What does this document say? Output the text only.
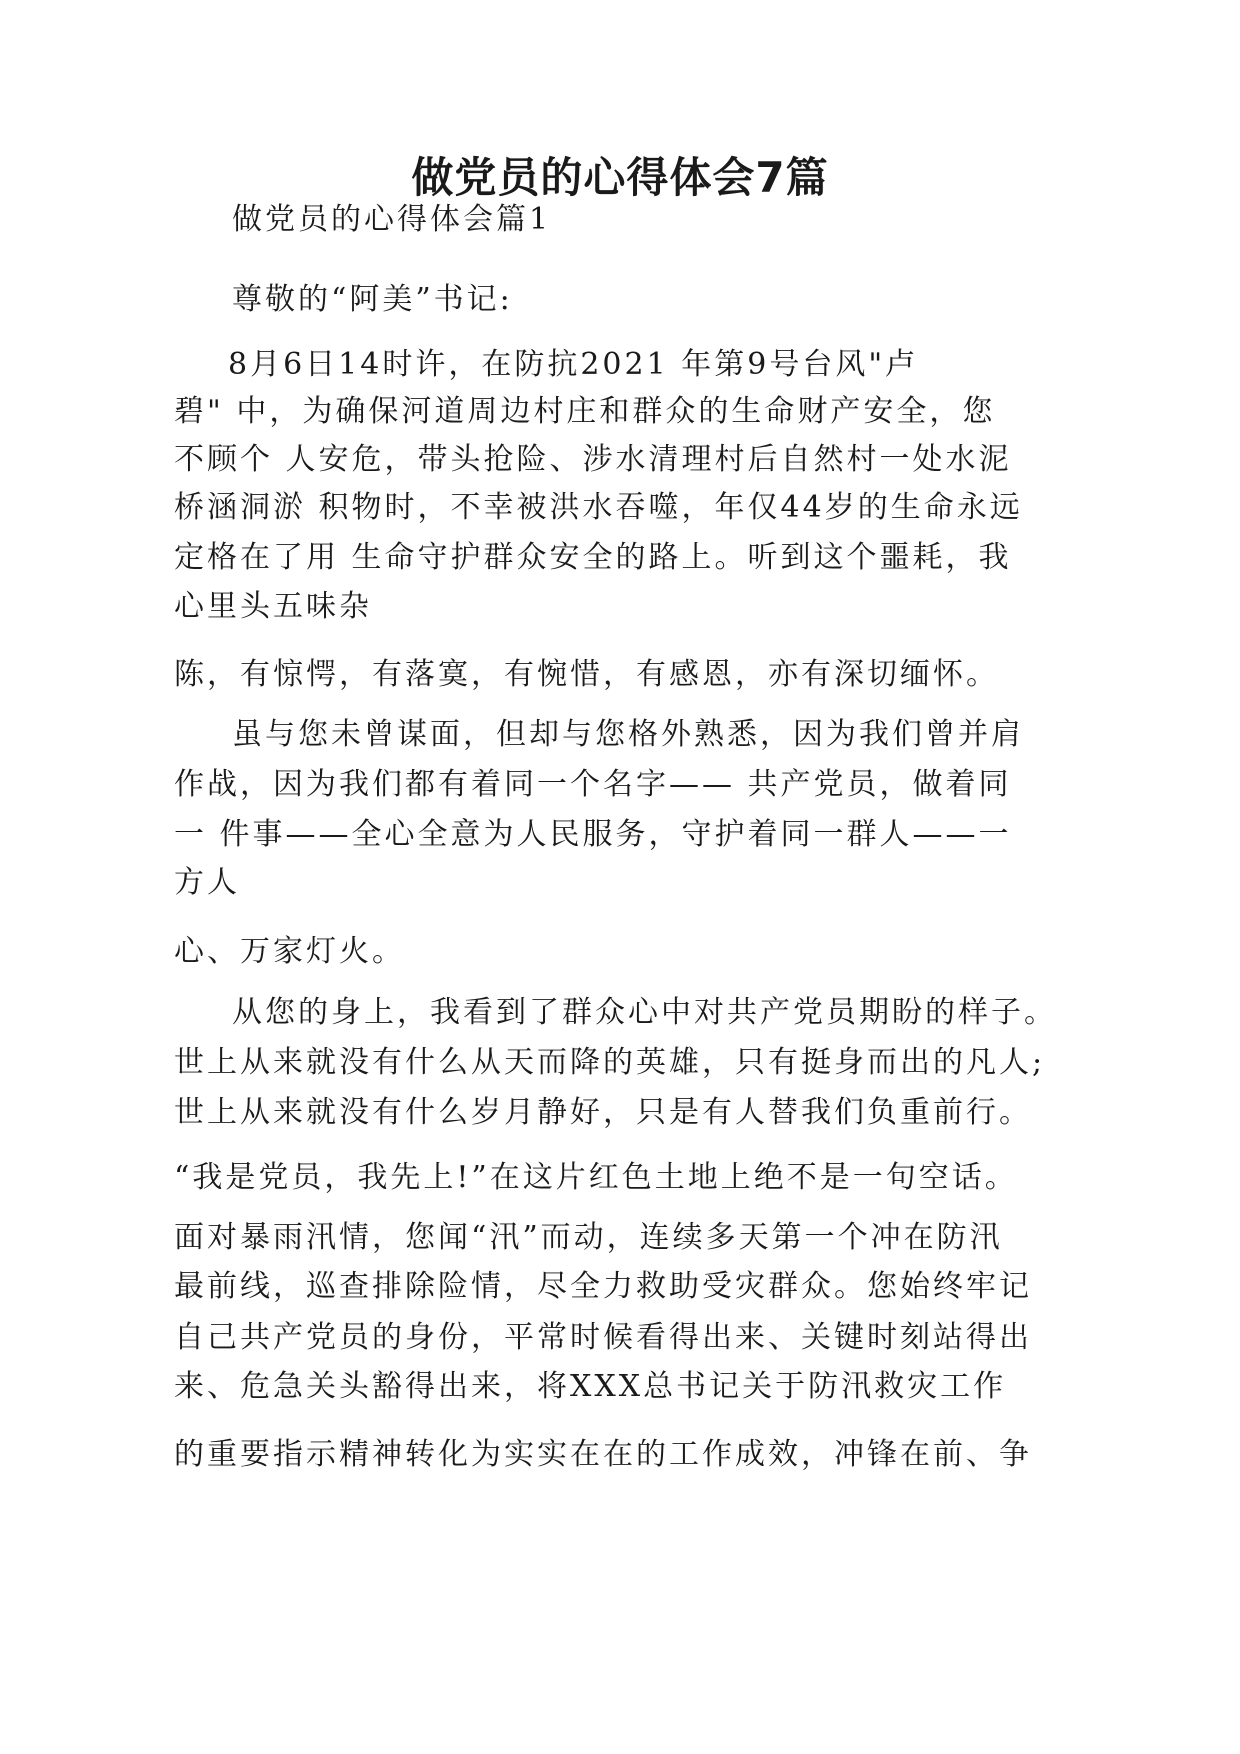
做党员的心得体会7篇
做党员的心得体会篇1
尊敬的“阿美”书记:
8月6日14时许，在防抗2021 年第9号台风"卢
碧" 中，为确保河道周边村庄和群众的生命财产安全，您
不顾个 人安危，带头抢险、涉水清理村后自然村一处水泥
桥涵洞淤 积物时，不幸被洪水吞噬，年仅44岁的生命永远
定格在了用 生命守护群众安全的路上。听到这个噩耗，我
心里头五味杂
陈，有惊愕，有落寞，有惋惜，有感恩，亦有深切缅怀。
虽与您未曾谋面，但却与您格外熟悉，因为我们曾并肩
作战，因为我们都有着同一个名字—— 共产党员，做着同
一 件事——全心全意为人民服务，守护着同一群人——一
方人
心、万家灯火。
从您的身上，我看到了群众心中对共产党员期盼的样子。
世上从来就没有什么从天而降的英雄，只有挺身而出的凡人;
世上从来就没有什么岁月静好，只是有人替我们负重前行。
“我是党员，我先上!”在这片红色土地上绝不是一句空话。
面对暴雨汛情，您闻“汛”而动，连续多天第一个冲在防汛
最前线，巡查排除险情，尽全力救助受灾群众。您始终牢记
自己共产党员的身份，平常时候看得出来、关键时刻站得出
来、危急关头豁得出来，将XXX总书记关于防汛救灾工作
的重要指示精神转化为实实在在的工作成效，冲锋在前、争
